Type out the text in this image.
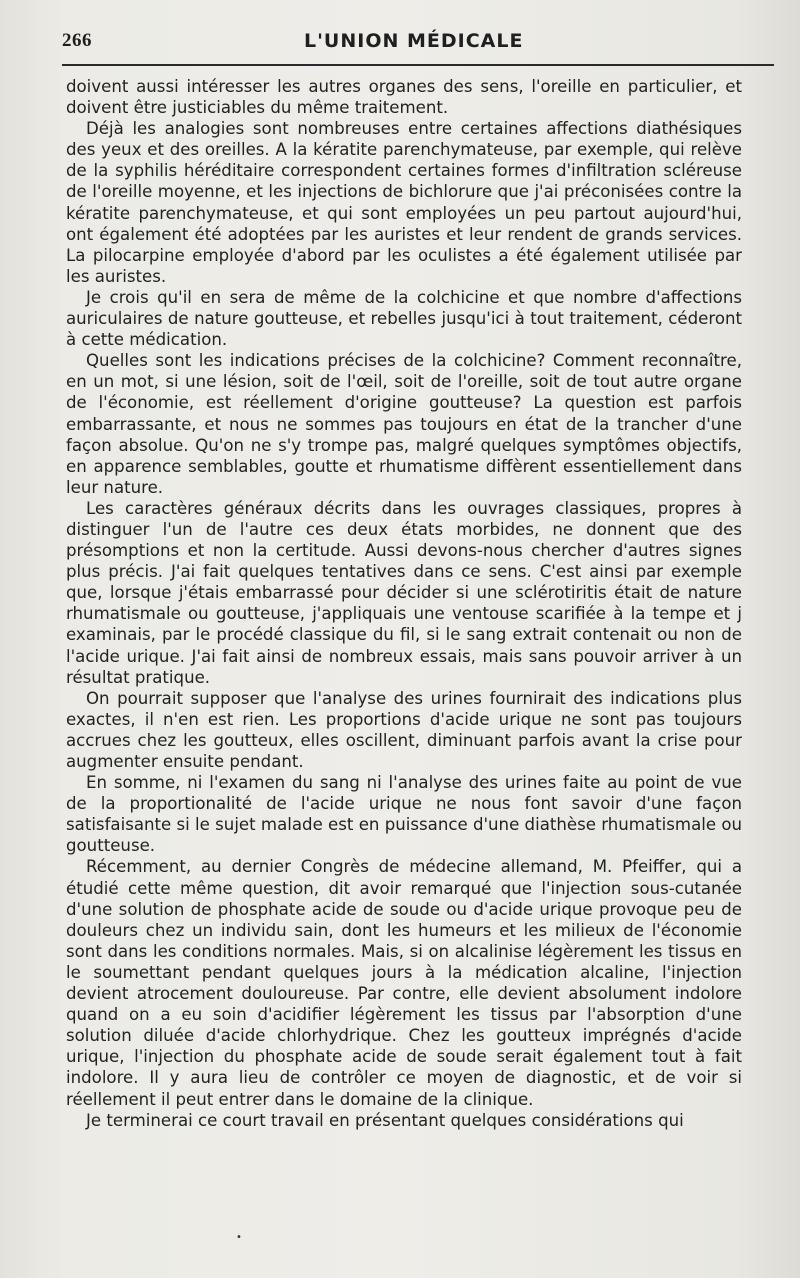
266	L'UNION MÉDICALE

doivent aussi intéresser les autres organes des sens, l'oreille en particulier, et doivent être justiciables du même traitement.

Déjà les analogies sont nombreuses entre certaines affections diathésiques des yeux et des oreilles. A la kératite parenchymateuse, par exemple, qui relève de la syphilis héréditaire correspondent certaines formes d'infiltration scléreuse de l'oreille moyenne, et les injections de bichlorure que j'ai préconisées contre la kératite parenchymateuse, et qui sont employées un peu partout aujourd'hui, ont également été adoptées par les auristes et leur rendent de grands services. La pilocarpine employée d'abord par les oculistes a été également utilisée par les auristes.

Je crois qu'il en sera de même de la colchicine et que nombre d'affections auriculaires de nature goutteuse, et rebelles jusqu'ici à tout traitement, céderont à cette médication.

Quelles sont les indications précises de la colchicine? Comment reconnaître, en un mot, si une lésion, soit de l'œil, soit de l'oreille, soit de tout autre organe de l'économie, est réellement d'origine goutteuse? La question est parfois embarrassante, et nous ne sommes pas toujours en état de la trancher d'une façon absolue. Qu'on ne s'y trompe pas, malgré quelques symptômes objectifs, en apparence semblables, goutte et rhumatisme diffèrent essentiellement dans leur nature.

Les caractères généraux décrits dans les ouvrages classiques, propres à distinguer l'un de l'autre ces deux états morbides, ne donnent que des présomptions et non la certitude. Aussi devons-nous chercher d'autres signes plus précis. J'ai fait quelques tentatives dans ce sens. C'est ainsi par exemple que, lorsque j'étais embarrassé pour décider si une sclérotiritis était de nature rhumatismale ou goutteuse, j'appliquais une ventouse scarifiée à la tempe et j examinais, par le procédé classique du fil, si le sang extrait contenait ou non de l'acide urique. J'ai fait ainsi de nombreux essais, mais sans pouvoir arriver à un résultat pratique.

On pourrait supposer que l'analyse des urines fournirait des indications plus exactes, il n'en est rien. Les proportions d'acide urique ne sont pas toujours accrues chez les goutteux, elles oscillent, diminuant parfois avant la crise pour augmenter ensuite pendant.

En somme, ni l'examen du sang ni l'analyse des urines faite au point de vue de la proportionalité de l'acide urique ne nous font savoir d'une façon satisfaisante si le sujet malade est en puissance d'une diathèse rhumatismale ou goutteuse.

Récemment, au dernier Congrès de médecine allemand, M. Pfeiffer, qui a étudié cette même question, dit avoir remarqué que l'injection sous-cutanée d'une solution de phosphate acide de soude ou d'acide urique provoque peu de douleurs chez un individu sain, dont les humeurs et les milieux de l'économie sont dans les conditions normales. Mais, si on alcalinise légèrement les tissus en le soumettant pendant quelques jours à la médication alcaline, l'injection devient atrocement douloureuse. Par contre, elle devient absolument indolore quand on a eu soin d'acidifier légèrement les tissus par l'absorption d'une solution diluée d'acide chlorhydrique. Chez les goutteux imprégnés d'acide urique, l'injection du phosphate acide de soude serait également tout à fait indolore. Il y aura lieu de contrôler ce moyen de diagnostic, et de voir si réellement il peut entrer dans le domaine de la clinique.

Je terminerai ce court travail en présentant quelques considérations qui

•
